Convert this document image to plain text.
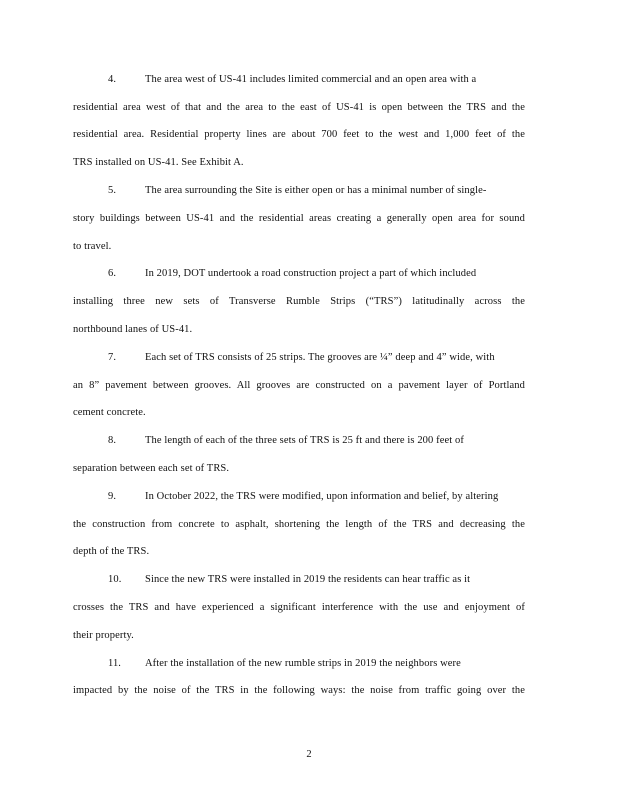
4.	The area west of US-41 includes limited commercial and an open area with a
residential area west of that and the area to the east of US-41 is open between the TRS and the
residential area. Residential property lines are about 700 feet to the west and 1,000 feet of the
TRS installed on US-41. See Exhibit A.
5.	The area surrounding the Site is either open or has a minimal number of single-
story buildings between US-41 and the residential areas creating a generally open area for sound
to travel.
6.	In 2019, DOT undertook a road construction project a part of which included
installing three new sets of Transverse Rumble Strips (“TRS”) latitudinally across the
northbound lanes of US-41.
7.	Each set of TRS consists of 25 strips. The grooves are ¼” deep and 4” wide, with
an 8” pavement between grooves. All grooves are constructed on a pavement layer of Portland
cement concrete.
8.	The length of each of the three sets of TRS is 25 ft and there is 200 feet of
separation between each set of TRS.
9.	In October 2022, the TRS were modified, upon information and belief, by altering
the construction from concrete to asphalt, shortening the length of the TRS and decreasing the
depth of the TRS.
10. Since the new TRS were installed in 2019 the residents can hear traffic as it
crosses the TRS and have experienced a significant interference with the use and enjoyment of
their property.
11. After the installation of the new rumble strips in 2019 the neighbors were
impacted by the noise of the TRS in the following ways: the noise from traffic going over the
2
